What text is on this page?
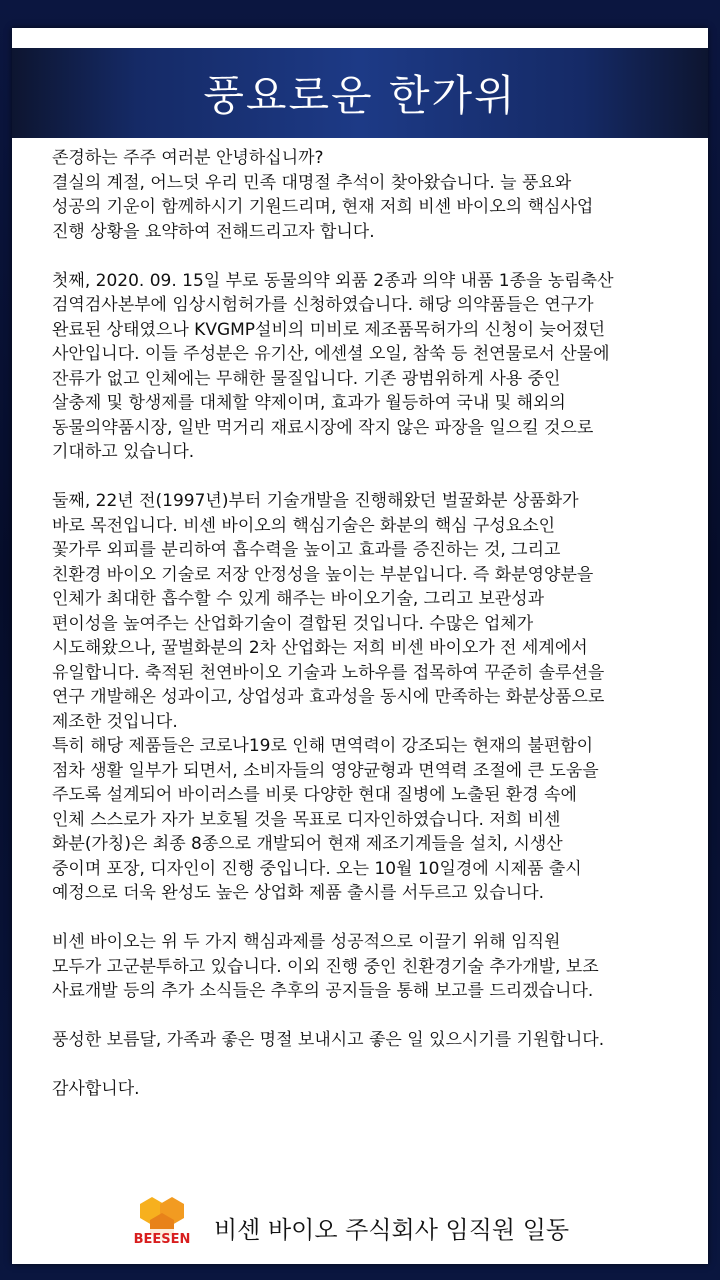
풍요로운 한가위

존경하는 주주 여러분 안녕하십니까?
결실의 계절, 어느덧 우리 민족 대명절 추석이 찾아왔습니다. 늘 풍요와
성공의 기운이 함께하시기 기원드리며, 현재 저희 비센 바이오의 핵심사업
진행 상황을 요약하여 전해드리고자 합니다.

첫째, 2020. 09. 15일 부로 동물의약 외품 2종과 의약 내품 1종을 농림축산
검역검사본부에 임상시험허가를 신청하였습니다. 해당 의약품들은 연구가
완료된 상태였으나 KVGMP설비의 미비로 제조품목허가의 신청이 늦어졌던
사안입니다. 이들 주성분은 유기산, 에센셜 오일, 참쑥 등 천연물로서 산물에
잔류가 없고 인체에는 무해한 물질입니다. 기존 광범위하게 사용 중인
살충제 및 항생제를 대체할 약제이며, 효과가 월등하여 국내 및 해외의
동물의약품시장, 일반 먹거리 재료시장에 작지 않은 파장을 일으킬 것으로
기대하고 있습니다.

둘째, 22년 전(1997년)부터 기술개발을 진행해왔던 벌꿀화분 상품화가
바로 목전입니다. 비센 바이오의 핵심기술은 화분의 핵심 구성요소인
꽃가루 외피를 분리하여 흡수력을 높이고 효과를 증진하는 것, 그리고
친환경 바이오 기술로 저장 안정성을 높이는 부분입니다. 즉 화분영양분을
인체가 최대한 흡수할 수 있게 해주는 바이오기술, 그리고 보관성과
편이성을 높여주는 산업화기술이 결합된 것입니다. 수많은 업체가
시도해왔으나, 꿀벌화분의 2차 산업화는 저희 비센 바이오가 전 세계에서
유일합니다. 축적된 천연바이오 기술과 노하우를 접목하여 꾸준히 솔루션을
연구 개발해온 성과이고, 상업성과 효과성을 동시에 만족하는 화분상품으로
제조한 것입니다.

특히 해당 제품들은 코로나19로 인해 면역력이 강조되는 현재의 불편함이
점차 생활 일부가 되면서, 소비자들의 영양균형과 면역력 조절에 큰 도움을
주도록 설계되어 바이러스를 비롯 다양한 현대 질병에 노출된 환경 속에
인체 스스로가 자가 보호될 것을 목표로 디자인하였습니다. 저희 비센
화분(가칭)은 최종 8종으로 개발되어 현재 제조기계들을 설치, 시생산
중이며 포장, 디자인이 진행 중입니다. 오는 10월 10일경에 시제품 출시
예정으로 더욱 완성도 높은 상업화 제품 출시를 서두르고 있습니다.

비센 바이오는 위 두 가지 핵심과제를 성공적으로 이끌기 위해 임직원
모두가 고군분투하고 있습니다. 이외 진행 중인 친환경기술 추가개발, 보조
사료개발 등의 추가 소식들은 추후의 공지들을 통해 보고를 드리겠습니다.

풍성한 보름달, 가족과 좋은 명절 보내시고 좋은 일 있으시기를 기원합니다.

감사합니다.

BEESEN 비센 바이오 주식회사 임직원 일동
